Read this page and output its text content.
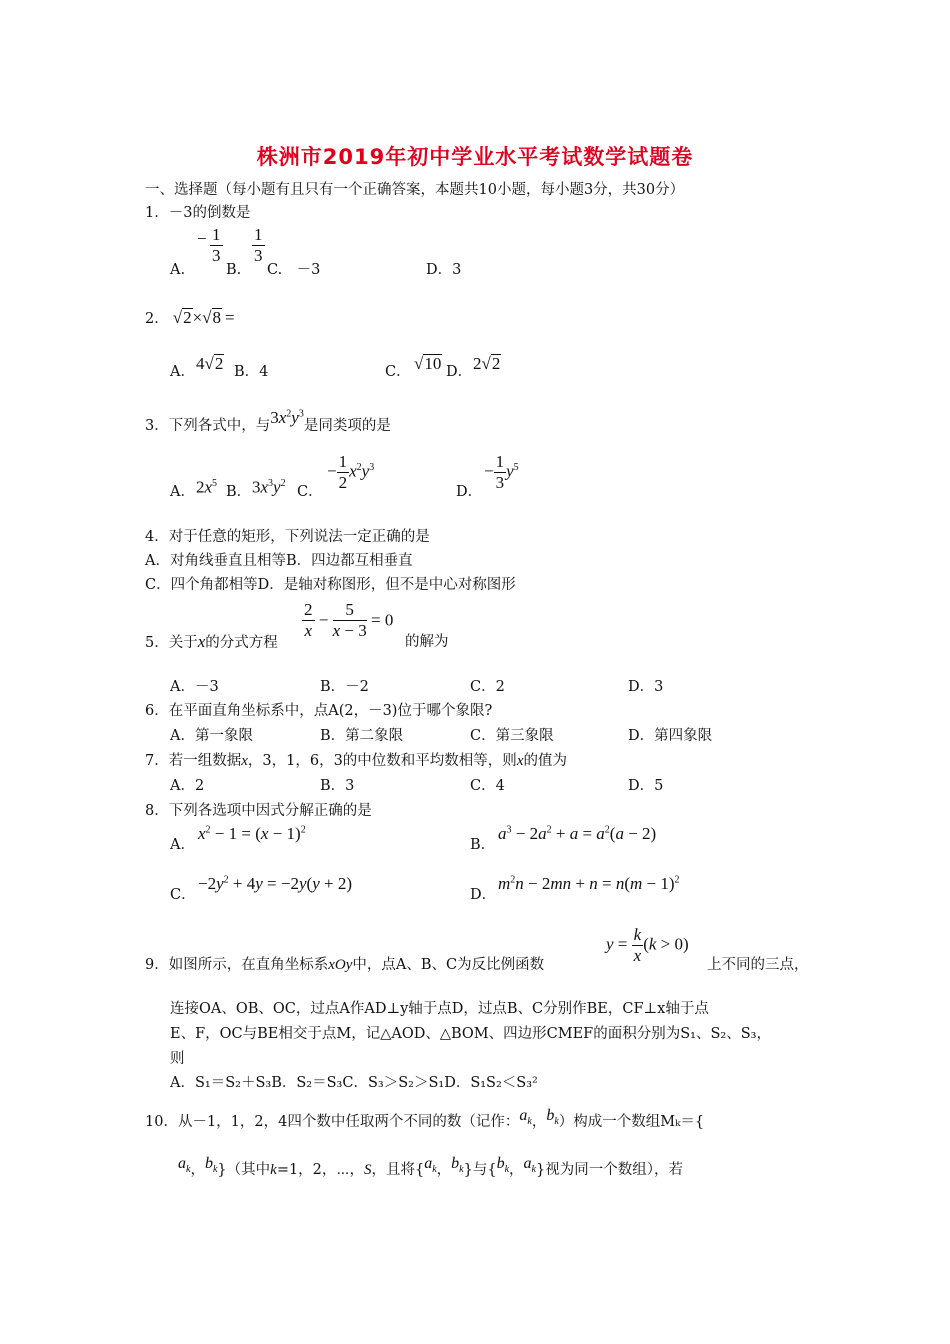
株洲市2019年初中学业水平考试数学试题卷
一、选择题（每小题有且只有一个正确答案，本题共10小题，每小题3分，共30分）
1．－3的倒数是
A.
− $\frac{1}{3}$
B.
$\frac{1}{3}$
C.　－3	D．3
2． √2×√8 =
A． 4√2 B．4	C． √10 D． 2√2
3．下列各式中，与$3x^2y^3$是同类项的是
A． $2x^5$
B． $3x^3y^2$
C．
− $\frac{1}{2} x^2y^3$
D．
− $\frac{1}{3} y^5$
4．对于任意的矩形，下列说法一定正确的是
A．对角线垂直且相等B．四边都互相垂直
C．四个角都相等D．是轴对称图形，但不是中心对称图形
5．关于x的分式方程
$\frac{2}{x} - \frac{5}{x - 3} = 0$
的解为
A．－3	B．－2	C．2	D．3
6．在平面直角坐标系中，点A(2，－3)位于哪个象限?
A．第一象限	B．第二象限	C．第三象限	D．第四象限
7．若一组数据x，3，1，6，3的中位数和平均数相等，则x的值为
A．2	B．3	C．4	D．5
8．下列各选项中因式分解正确的是
A．
$x^2 - 1 = (x - 1)^2$
B．
$a^3 - 2a^2 + a = a^2(a - 2)$
C．
$-2y^2 + 4y = -2y(y + 2)$
D．
$m^2n - 2mn + n = n(m - 1)^2$
9．如图所示，在直角坐标系xOy中，点A、B、C为反比例函数
$y = \frac{k}{x} (k > 0)$
上不同的三点，
连接OA、OB、OC，过点A作AD⊥y轴于点D，过点B、C分别作BE，CF⊥x轴于点
E、F，OC与BE相交于点M，记△AOD、△BOM、四边形CMEF的面积分别为S₁、S₂、S₃，
则
A．S₁＝S₂＋S₃B．S₂＝S₃C．S₃＞S₂＞S₁D．S₁S₂＜S₃²
10．从－1，1，2，4四个数中任取两个不同的数（记作：$a_k$，$b_k$）构成一个数组Mₖ＝{
$a_k$，$b_k$}（其中k=1，2，⋯，S，且将{$a_k$，$b_k$}与{$b_k$，$a_k$}视为同一个数组），若
